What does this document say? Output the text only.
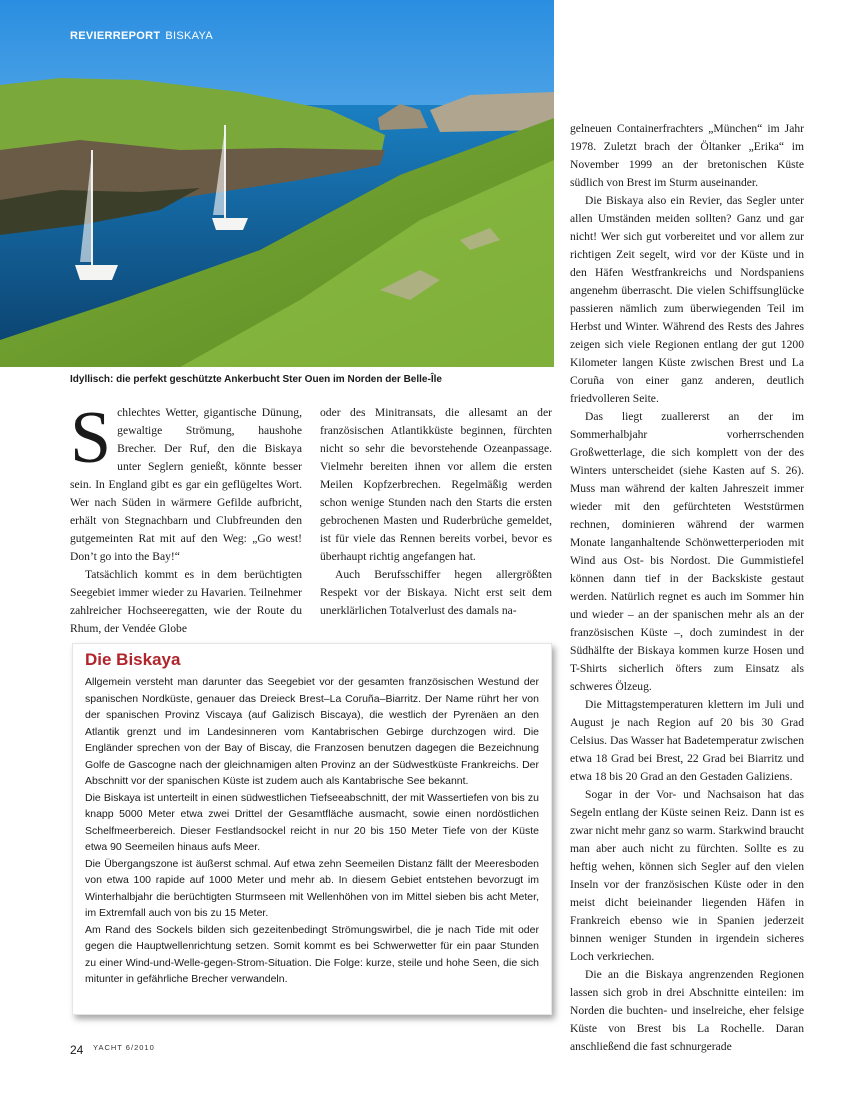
REVIERREPORT BISKAYA
Idyllisch: die perfekt geschützte Ankerbucht Ster Ouen im Norden der Belle-Île

Schlechtes Wetter, gigantische Dünung, gewaltige Strömung, haushohe Brecher. Der Ruf, den die Biskaya unter Seglern genießt, könnte besser sein. In England gibt es gar ein geflügeltes Wort. Wer nach Süden in wärmere Gefilde aufbricht, erhält von Stegnachbarn und Clubfreunden den gutgemeinten Rat mit auf den Weg: „Go west! Don’t go into the Bay!“

Tatsächlich kommt es in dem berüchtigten Seegebiet immer wieder zu Havarien. Teilnehmer zahlreicher Hochseeregatten, wie der Route du Rhum, der Vendée Globe

oder des Minitransats, die allesamt an der französischen Atlantikküste beginnen, fürchten nicht so sehr die bevorstehende Ozeanpassage. Vielmehr bereiten ihnen vor allem die ersten Meilen Kopfzerbrechen. Regelmäßig werden schon wenige Stunden nach den Starts die ersten gebrochenen Masten und Ruderbrüche gemeldet, ist für viele das Rennen bereits vorbei, bevor es überhaupt richtig angefangen hat.

Auch Berufsschiffer hegen allergrößten Respekt vor der Biskaya. Nicht erst seit dem unerklärlichen Totalverlust des damals na-

gelneuen Containerfrachters „München“ im Jahr 1978. Zuletzt brach der Öltanker „Erika“ im November 1999 an der bretonischen Küste südlich von Brest im Sturm auseinander.

Die Biskaya also ein Revier, das Segler unter allen Umständen meiden sollten? Ganz und gar nicht! Wer sich gut vorbereitet und vor allem zur richtigen Zeit segelt, wird vor der Küste und in den Häfen Westfrankreichs und Nordspaniens angenehm überrascht. Die vielen Schiffsunglücke passieren nämlich zum überwiegenden Teil im Herbst und Winter. Während des Rests des Jahres zeigen sich viele Regionen entlang der gut 1200 Kilometer langen Küste zwischen Brest und La Coruña von einer ganz anderen, deutlich friedvolleren Seite.

Das liegt zuallererst an der im Sommerhalbjahr vorherrschenden Großwetterlage, die sich komplett von der des Winters unterscheidet (siehe Kasten auf S. 26). Muss man während der kalten Jahreszeit immer wieder mit den gefürchteten Weststürmen rechnen, dominieren während der warmen Monate langanhaltende Schönwetterperioden mit Wind aus Ost- bis Nordost. Die Gummistiefel können dann tief in der Backskiste gestaut werden. Natürlich regnet es auch im Sommer hin und wieder – an der spanischen mehr als an der französischen Küste –, doch zumindest in der Südhälfte der Biskaya kommen kurze Hosen und T-Shirts sicherlich öfters zum Einsatz als schweres Ölzeug.

Die Mittagstemperaturen klettern im Juli und August je nach Region auf 20 bis 30 Grad Celsius. Das Wasser hat Badetemperatur zwischen etwa 18 Grad bei Brest, 22 Grad bei Biarritz und etwa 18 bis 20 Grad an den Gestaden Galiziens.

Sogar in der Vor- und Nachsaison hat das Segeln entlang der Küste seinen Reiz. Dann ist es zwar nicht mehr ganz so warm. Starkwind braucht man aber auch nicht zu fürchten. Sollte es zu heftig wehen, können sich Segler auf den vielen Inseln vor der französischen Küste oder in den meist dicht beieinander liegenden Häfen in Frankreich ebenso wie in Spanien jederzeit binnen weniger Stunden in irgendein sicheres Loch verkriechen.

Die an die Biskaya angrenzenden Regionen lassen sich grob in drei Abschnitte einteilen: im Norden die buchten- und inselreiche, eher felsige Küste von Brest bis La Rochelle. Daran anschließend die fast schnurgerade

Die Biskaya

Allgemein versteht man darunter das Seegebiet vor der gesamten französischen Westund der spanischen Nordküste, genauer das Dreieck Brest–La Coruña–Biarritz. Der Name rührt her von der spanischen Provinz Viscaya (auf Galizisch Biscaya), die westlich der Pyrenäen an den Atlantik grenzt und im Landesinneren vom Kantabrischen Gebirge durchzogen wird. Die Engländer sprechen von der Bay of Biscay, die Franzosen benutzen dagegen die Bezeichnung Golfe de Gascogne nach der gleichnamigen alten Provinz an der Südwestküste Frankreichs. Der Abschnitt vor der spanischen Küste ist zudem auch als Kantabrische See bekannt.

Die Biskaya ist unterteilt in einen südwestlichen Tiefseeabschnitt, der mit Wassertiefen von bis zu knapp 5000 Meter etwa zwei Drittel der Gesamtfläche ausmacht, sowie einen nordöstlichen Schelfmeerbereich. Dieser Festlandsockel reicht in nur 20 bis 150 Meter Tiefe von der Küste etwa 90 Seemeilen hinaus aufs Meer.

Die Übergangszone ist äußerst schmal. Auf etwa zehn Seemeilen Distanz fällt der Meeresboden von etwa 100 rapide auf 1000 Meter und mehr ab. In diesem Gebiet entstehen bevorzugt im Winterhalbjahr die berüchtigten Sturmseen mit Wellenhöhen von im Mittel sieben bis acht Meter, im Extremfall auch von bis zu 15 Meter.

Am Rand des Sockels bilden sich gezeitenbedingt Strömungswirbel, die je nach Tide mit oder gegen die Hauptwellenrichtung setzen. Somit kommt es bei Schwerwetter für ein paar Stunden zu einer Wind-und-Welle-gegen-Strom-Situation. Die Folge: kurze, steile und hohe Seen, die sich mitunter in gefährliche Brecher verwandeln.

24 YACHT 6/2010
